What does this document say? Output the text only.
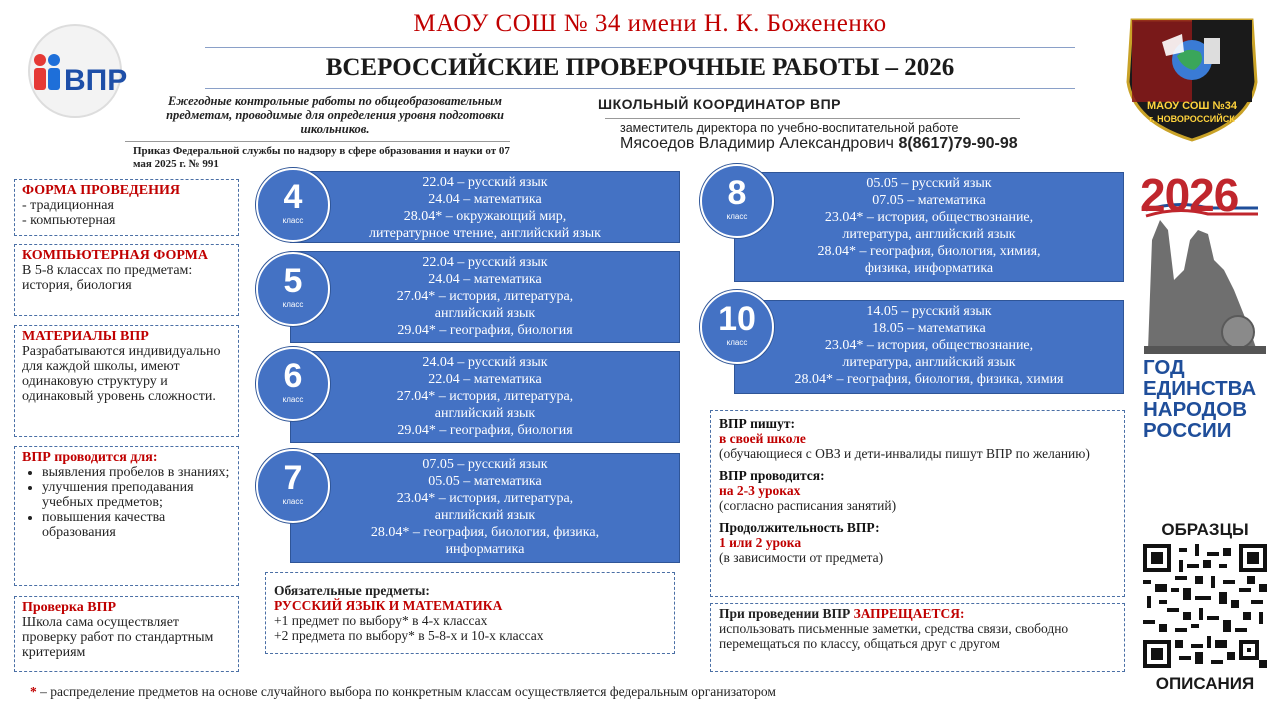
МАОУ СОШ № 34 имени Н. К. Божененко
ВСЕРОССИЙСКИЕ ПРОВЕРОЧНЫЕ РАБОТЫ – 2026
ВПР
Ежегодные контрольные работы по общеобразовательным предметам, проводимые для определения уровня подготовки школьников.
Приказ Федеральной службы по надзору в сфере образования и науки от 07 мая 2025 г. № 991
ШКОЛЬНЫЙ КООРДИНАТОР ВПР
заместитель директора по учебно-воспитательной работе
Мясоедов Владимир Александрович 8(8617)79-90-98
ФОРМА ПРОВЕДЕНИЯ
- традиционная
- компьютерная
КОМПЬЮТЕРНАЯ ФОРМА
В 5-8 классах по предметам: история, биология
МАТЕРИАЛЫ ВПР
Разрабатываются индивидуально для каждой школы, имеют одинаковую структуру и одинаковый уровень сложности.
ВПР проводится для:
• выявления пробелов в знаниях;
• улучшения преподавания учебных предметов;
• повышения качества образования
Проверка ВПР
Школа сама осуществляет проверку работ по стандартным критериям
22.04 – русский язык
24.04 – математика
28.04* – окружающий мир,
литературное чтение, английский язык
4
класс
22.04 – русский язык
24.04 – математика
27.04* – история, литература,
английский язык
29.04* – география, биология
5
класс
24.04 – русский язык
22.04 – математика
27.04* – история, литература,
английский язык
29.04* – география, биология
6
класс
07.05 – русский язык
05.05 – математика
23.04* – история, литература,
английский язык
28.04* – география, биология, физика,
информатика
7
класс
05.05 – русский язык
07.05 – математика
23.04* – история, обществознание,
литература, английский язык
28.04* – география, биология, химия,
физика, информатика
8
класс
14.05 – русский язык
18.05 – математика
23.04* – история, обществознание,
литература, английский язык
28.04* – география, биология, физика, химия
10
класс
Обязательные предметы:
РУССКИЙ ЯЗЫК И МАТЕМАТИКА
+1 предмет по выбору* в 4-х классах
+2 предмета по выбору* в 5-8-х и 10-х классах
ВПР пишут:
в своей школе
(обучающиеся с ОВЗ и дети-инвалиды пишут ВПР по желанию)
ВПР проводится:
на 2-3 уроках
(согласно расписания занятий)
Продолжительность ВПР:
1 или 2 урока
(в зависимости от предмета)
При проведении ВПР ЗАПРЕЩАЕТСЯ:
использовать письменные заметки, средства связи, свободно перемещаться по классу, общаться друг с другом
* – распределение предметов на основе случайного выбора по конкретным классам осуществляется федеральным организатором
МАОУ СОШ №34
г. НОВОРОССИЙСК
2026
ГОД
ЕДИНСТВА
НАРОДОВ
РОССИИ
ОБРАЗЦЫ
ОПИСАНИЯ
